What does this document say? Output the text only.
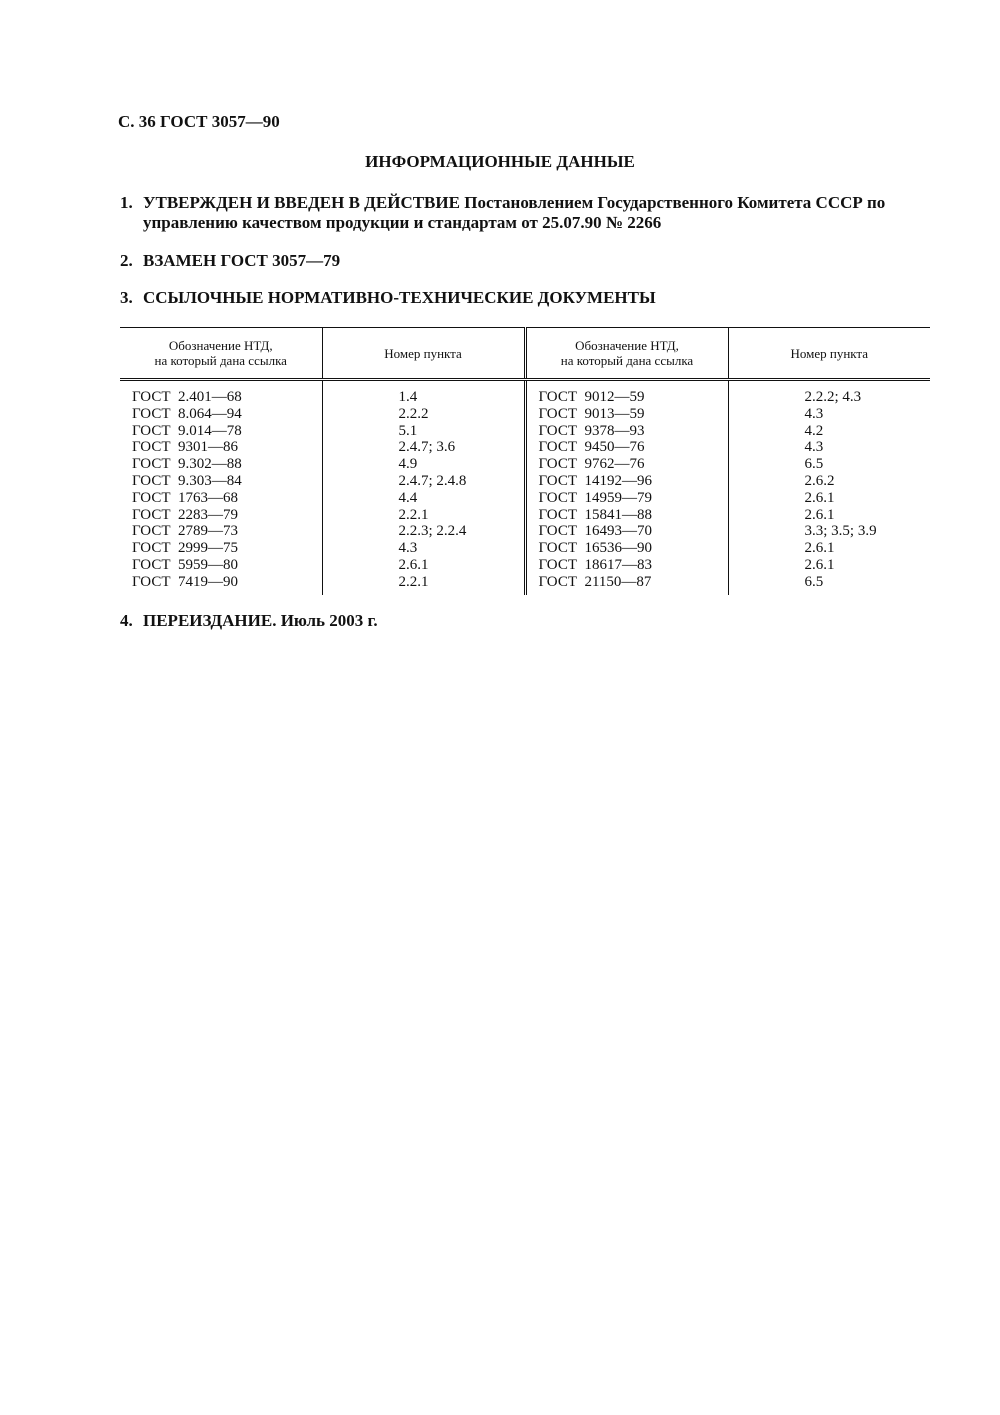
С. 36 ГОСТ 3057—90
ИНФОРМАЦИОННЫЕ ДАННЫЕ
1. УТВЕРЖДЕН И ВВЕДЕН В ДЕЙСТВИЕ Постановлением Государственного Комитета СССР по
управлению качеством продукции и стандартам от 25.07.90 № 2266
2. ВЗАМЕН ГОСТ 3057—79
3. ССЫЛОЧНЫЕ НОРМАТИВНО-ТЕХНИЧЕСКИЕ ДОКУМЕНТЫ
Обозначение НТД,
на который дана ссылка	Номер пункта	Обозначение НТД,
на который дана ссылка	Номер пункта
ГОСТ  2.401—68	1.4	ГОСТ  9012—59	2.2.2; 4.3
ГОСТ  8.064—94	2.2.2	ГОСТ  9013—59	4.3
ГОСТ  9.014—78	5.1	ГОСТ  9378—93	4.2
ГОСТ  9301—86	2.4.7; 3.6	ГОСТ  9450—76	4.3
ГОСТ  9.302—88	4.9	ГОСТ  9762—76	6.5
ГОСТ  9.303—84	2.4.7; 2.4.8	ГОСТ  14192—96	2.6.2
ГОСТ  1763—68	4.4	ГОСТ  14959—79	2.6.1
ГОСТ  2283—79	2.2.1	ГОСТ  15841—88	2.6.1
ГОСТ  2789—73	2.2.3; 2.2.4	ГОСТ  16493—70	3.3; 3.5; 3.9
ГОСТ  2999—75	4.3	ГОСТ  16536—90	2.6.1
ГОСТ  5959—80	2.6.1	ГОСТ  18617—83	2.6.1
ГОСТ  7419—90	2.2.1	ГОСТ  21150—87	6.5
4. ПЕРЕИЗДАНИЕ. Июль 2003 г.
